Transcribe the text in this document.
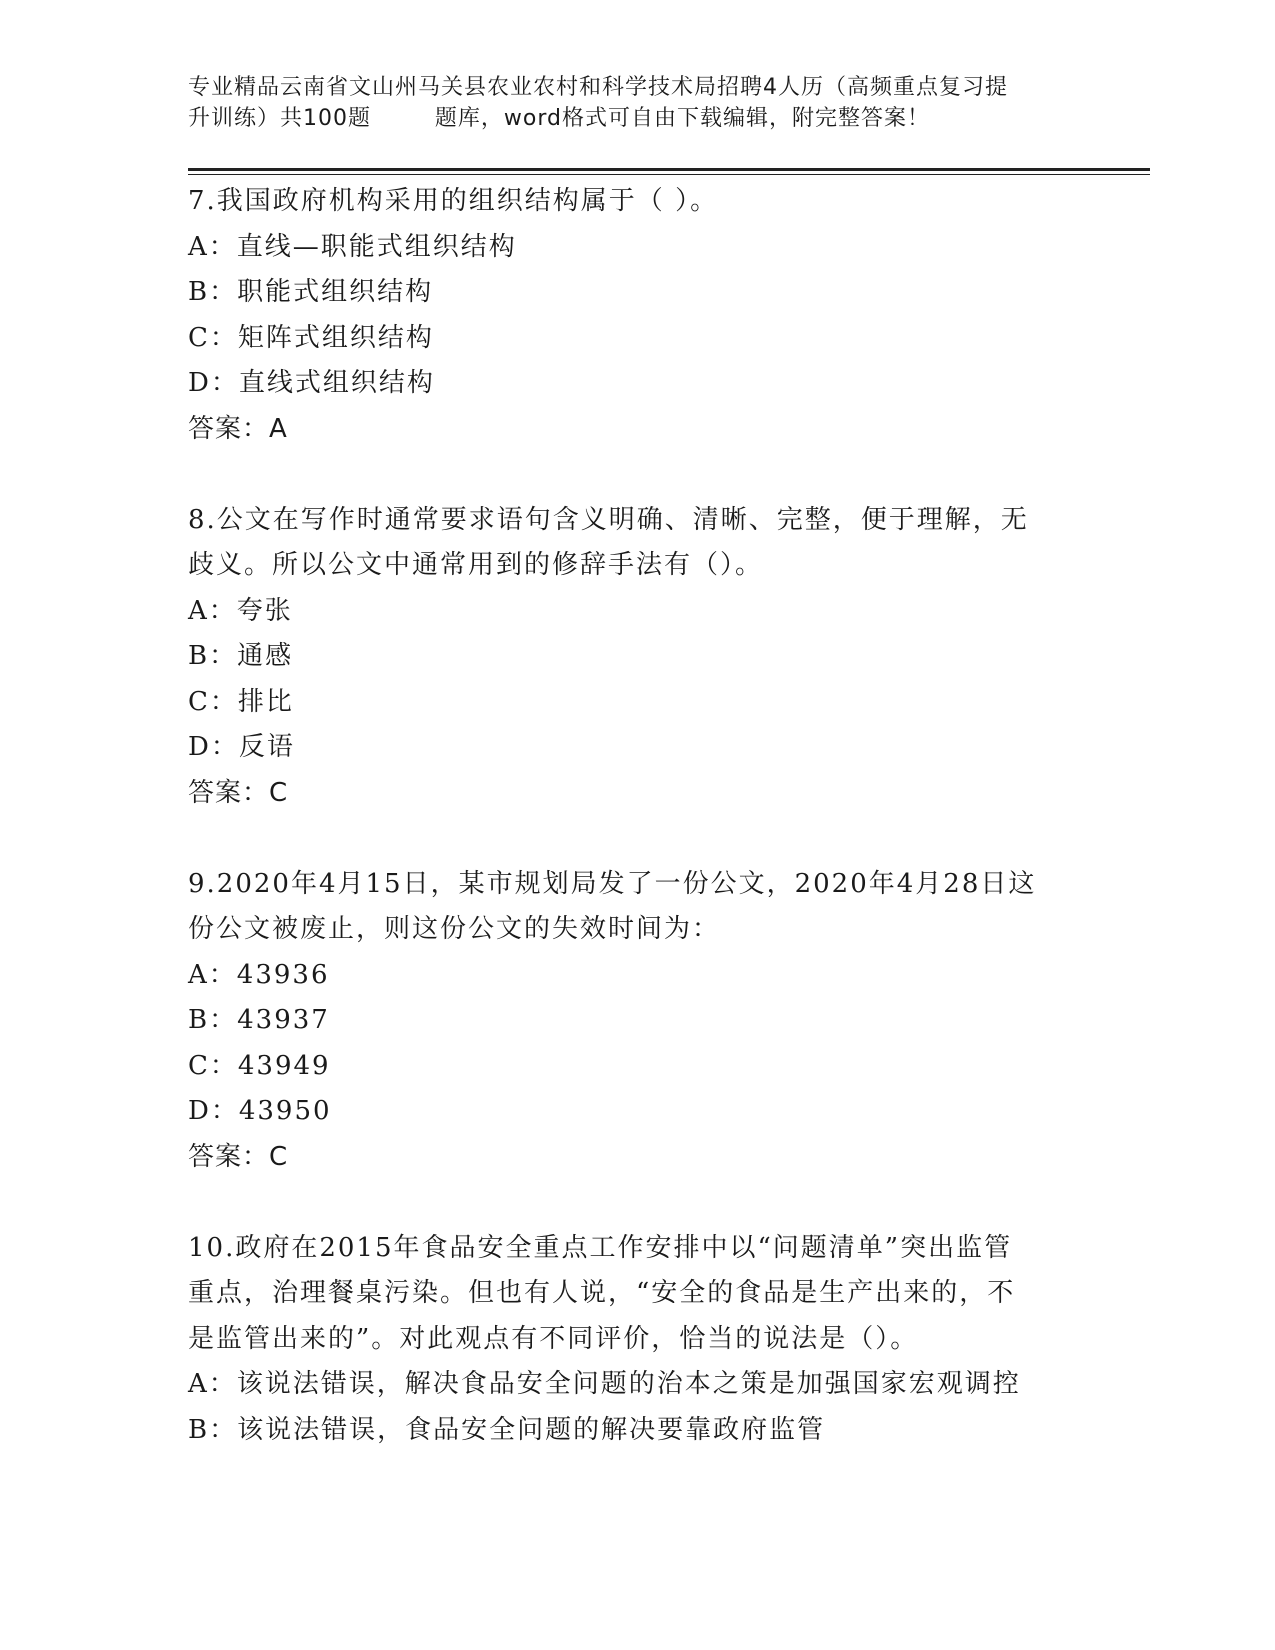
专业精品云南省文山州马关县农业农村和科学技术局招聘4人历（高频重点复习提
升训练）共100题        题库，word格式可自由下载编辑，附完整答案！

7.我国政府机构采用的组织结构属于（ ）。
A：直线—职能式组织结构
B：职能式组织结构
C：矩阵式组织结构
D：直线式组织结构
答案：A
8.公文在写作时通常要求语句含义明确、清晰、完整，便于理解，无
歧义。所以公文中通常用到的修辞手法有（）。
A：夸张
B：通感
C：排比
D：反语
答案：C
9.2020年4月15日，某市规划局发了一份公文，2020年4月28日这
份公文被废止，则这份公文的失效时间为：
A：43936
B：43937
C：43949
D：43950
答案：C
10.政府在2015年食品安全重点工作安排中以“问题清单”突出监管
重点，治理餐桌污染。但也有人说，“安全的食品是生产出来的，不
是监管出来的”。对此观点有不同评价，恰当的说法是（）。
A：该说法错误，解决食品安全问题的治本之策是加强国家宏观调控
B：该说法错误，食品安全问题的解决要靠政府监管
